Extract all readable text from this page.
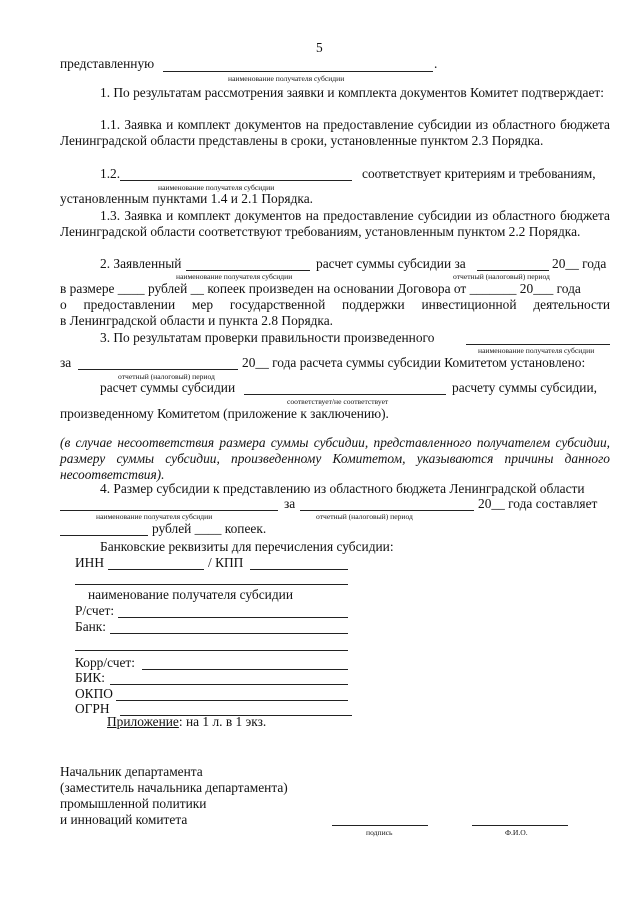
5
представленную	.
наименование получателя субсидии
1. По результатам рассмотрения заявки и комплекта документов Комитет подтверждает:
1.1. Заявка и комплект документов на предоставление субсидии из областного бюджета Ленинградской области представлены в сроки, установленные пунктом 2.3 Порядка.
1.2.	соответствует критериям и требованиям,
наименование получателя субсидии
установленным пунктами 1.4 и 2.1 Порядка.
1.3. Заявка и комплект документов на предоставление субсидии из областного бюджета Ленинградской области соответствуют требованиям, установленным пунктом 2.2 Порядка.
2. Заявленный	расчет суммы субсидии за	20__ года
наименование получателя субсидии	отчетный (налоговый) период
в размере ____ рублей __ копеек произведен на основании Договора от _______ 20___ года
о предоставлении мер государственной поддержки инвестиционной деятельности
в Ленинградской области и пункта 2.8 Порядка.
3. По результатам проверки правильности произведенного
наименование получателя субсидии
за	20__ года расчета суммы субсидии Комитетом установлено:
отчетный (налоговый) период
расчет суммы субсидии	расчету суммы субсидии,
соответствует/не соответствует
произведенному Комитетом (приложение к заключению).
(в случае несоответствия размера суммы субсидии, представленного получателем субсидии, размеру суммы субсидии, произведенному Комитетом, указываются причины данного несоответствия).
4. Размер субсидии к представлению из областного бюджета Ленинградской области
за	20__ года составляет
наименование получателя субсидии	отчетный (налоговый) период
рублей ____ копеек.
Банковские реквизиты для перечисления субсидии:
ИНН	/ КПП
наименование получателя субсидии
Р/счет:
Банк:
Корр/счет:
БИК:
ОКПО
ОГРН
Приложение: на 1 л. в 1 экз.
Начальник департамента
(заместитель начальника департамента)
промышленной политики
и инноваций комитета
подпись	Ф.И.О.
